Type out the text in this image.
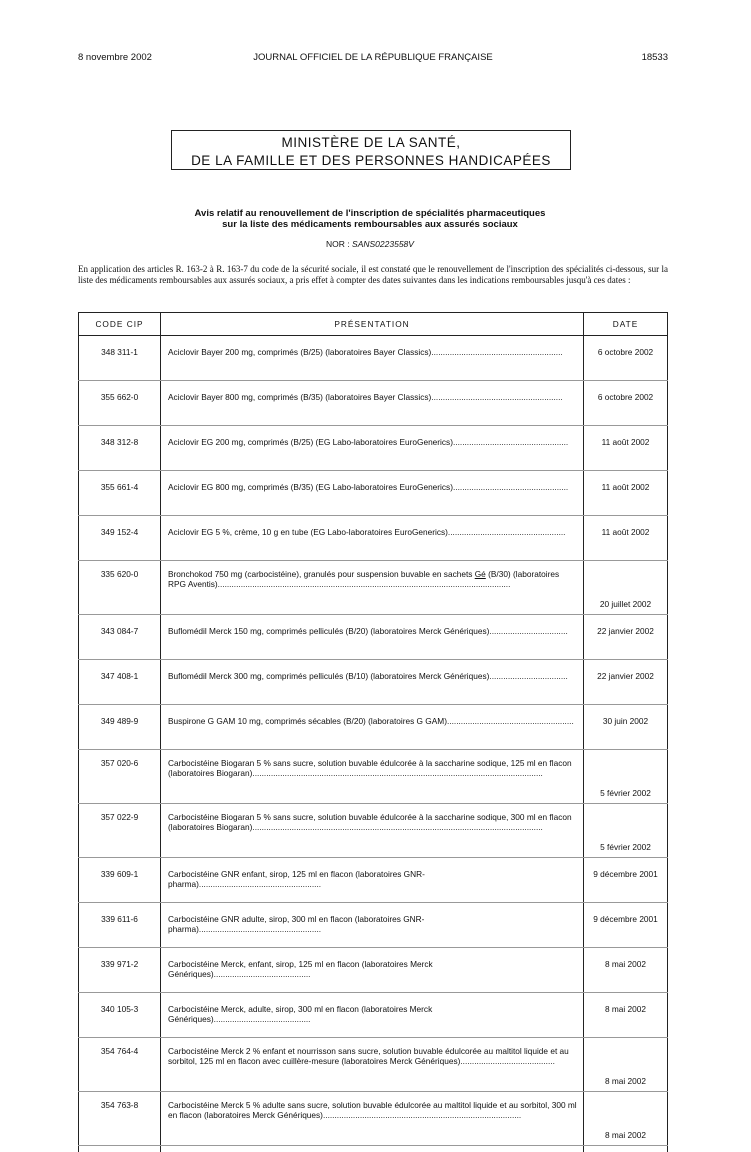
8 novembre 2002	JOURNAL OFFICIEL DE LA RÉPUBLIQUE FRANÇAISE	18533
MINISTÈRE DE LA SANTÉ,
DE LA FAMILLE ET DES PERSONNES HANDICAPÉES
Avis relatif au renouvellement de l'inscription de spécialités pharmaceutiques
sur la liste des médicaments remboursables aux assurés sociaux
NOR : SANS0223558V
En application des articles R. 163-2 à R. 163-7 du code de la sécurité sociale, il est constaté que le renouvellement de l'inscription des spécialités ci-dessous, sur la liste des médicaments remboursables aux assurés sociaux, a pris effet à compter des dates suivantes dans les indications remboursables jusqu'à ces dates :
CODE CIP	PRÉSENTATION	DATE
348 311-1	Aciclovir Bayer 200 mg, comprimés (B/25) (laboratoires Bayer Classics).........................................................	6 octobre 2002
355 662-0	Aciclovir Bayer 800 mg, comprimés (B/35) (laboratoires Bayer Classics).........................................................	6 octobre 2002
348 312-8	Aciclovir EG 200 mg, comprimés (B/25) (EG Labo-laboratoires EuroGenerics)..................................................	11 août 2002
355 661-4	Aciclovir EG 800 mg, comprimés (B/35) (EG Labo-laboratoires EuroGenerics)..................................................	11 août 2002
349 152-4	Aciclovir EG 5 %, crème, 10 g en tube (EG Labo-laboratoires EuroGenerics)...................................................	11 août 2002
335 620-0	Bronchokod 750 mg (carbocistéine), granulés pour suspension buvable en sachets Gé (B/30) (laboratoires RPG Aventis)...............................................................................................................................	20 juillet 2002
343 084-7	Buflomédil Merck 150 mg, comprimés pelliculés (B/20) (laboratoires Merck Génériques)..................................	22 janvier 2002
347 408-1	Buflomédil Merck 300 mg, comprimés pelliculés (B/10) (laboratoires Merck Génériques)..................................	22 janvier 2002
349 489-9	Buspirone G GAM 10 mg, comprimés sécables (B/20) (laboratoires G GAM).......................................................	30 juin 2002
357 020-6	Carbocistéine Biogaran 5 % sans sucre, solution buvable édulcorée à la saccharine sodique, 125 ml en flacon (laboratoires Biogaran)..............................................................................................................................	5 février 2002
357 022-9	Carbocistéine Biogaran 5 % sans sucre, solution buvable édulcorée à la saccharine sodique, 300 ml en flacon (laboratoires Biogaran)..............................................................................................................................	5 février 2002
339 609-1	Carbocistéine GNR enfant, sirop, 125 ml en flacon (laboratoires GNR-pharma).....................................................	9 décembre 2001
339 611-6	Carbocistéine GNR adulte, sirop, 300 ml en flacon (laboratoires GNR-pharma).....................................................	9 décembre 2001
339 971-2	Carbocistéine Merck, enfant, sirop, 125 ml en flacon (laboratoires Merck Génériques)..........................................	8 mai 2002
340 105-3	Carbocistéine Merck, adulte, sirop, 300 ml en flacon (laboratoires Merck Génériques)..........................................	8 mai 2002
354 764-4	Carbocistéine Merck 2 % enfant et nourrisson sans sucre, solution buvable édulcorée au maltitol liquide et au sorbitol, 125 ml en flacon avec cuillère-mesure (laboratoires Merck Génériques).........................................	8 mai 2002
354 763-8	Carbocistéine Merck 5 % adulte sans sucre, solution buvable édulcorée au maltitol liquide et au sorbitol, 300 ml en flacon (laboratoires Merck Génériques)......................................................................................	8 mai 2002
